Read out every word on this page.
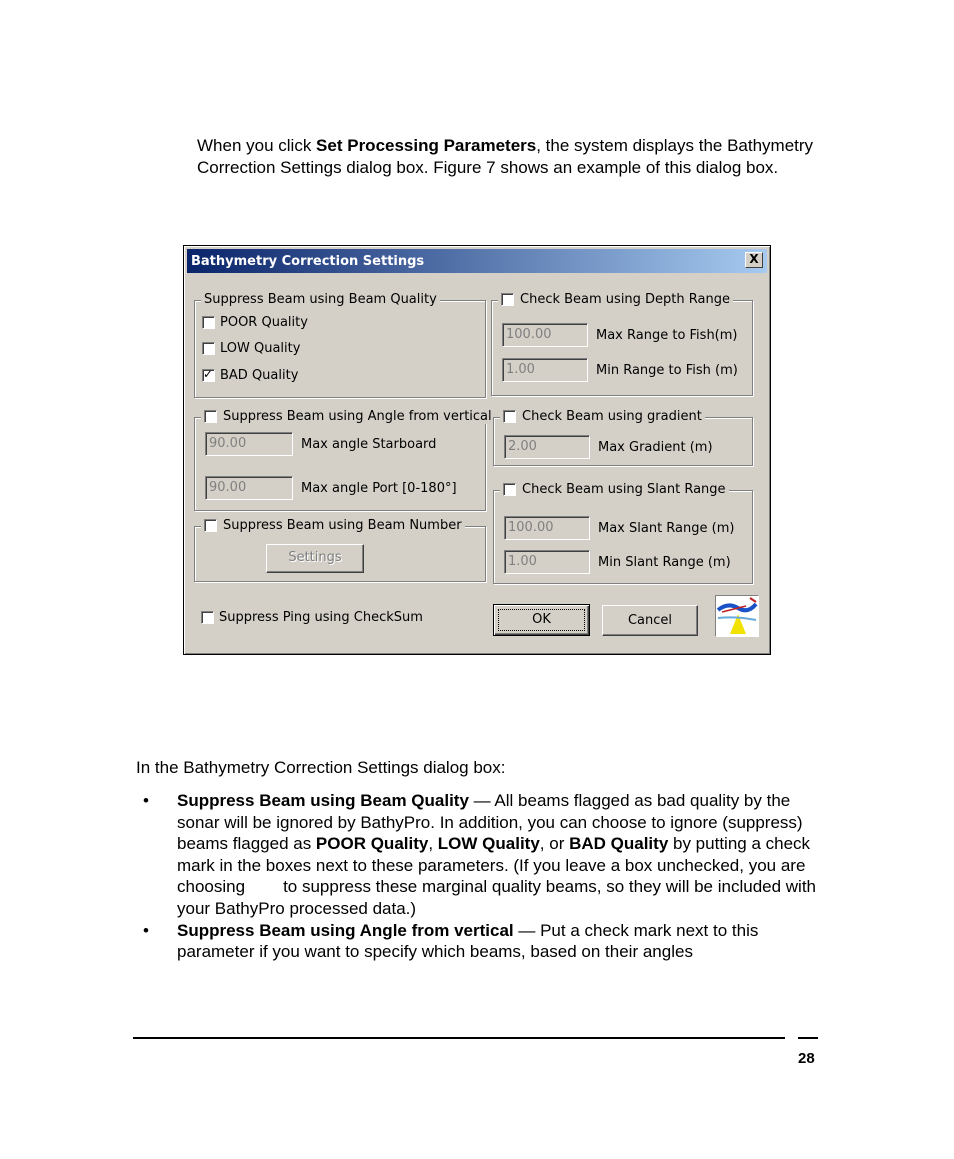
When you click Set Processing Parameters, the system displays the Bathymetry Correction Settings dialog box. Figure 7 shows an example of this dialog box.
Bathymetry Correction Settings	X
Suppress Beam using Beam Quality
POOR Quality
LOW Quality
✓ BAD Quality
Check Beam using Depth Range
100.00	Max Range to Fish(m)
1.00	Min Range to Fish (m)
Suppress Beam using Angle from vertical
90.00	Max angle Starboard
90.00	Max angle Port [0-180°]
Check Beam using gradient
2.00	Max Gradient (m)
Check Beam using Slant Range
100.00	Max Slant Range (m)
1.00	Min Slant Range (m)
Suppress Beam using Beam Number
Settings
Suppress Ping using CheckSum	OK	Cancel
In the Bathymetry Correction Settings dialog box:
• Suppress Beam using Beam Quality — All beams flagged as bad quality by the sonar will be ignored by BathyPro. In addition, you can choose to ignore (suppress) beams flagged as POOR Quality, LOW Quality, or BAD Quality by putting a check mark in the boxes next to these parameters. (If you leave a box unchecked, you are choosing to suppress these marginal quality beams, so they will be included with your BathyPro processed data.)
• Suppress Beam using Angle from vertical — Put a check mark next to this parameter if you want to specify which beams, based on their angles
28
